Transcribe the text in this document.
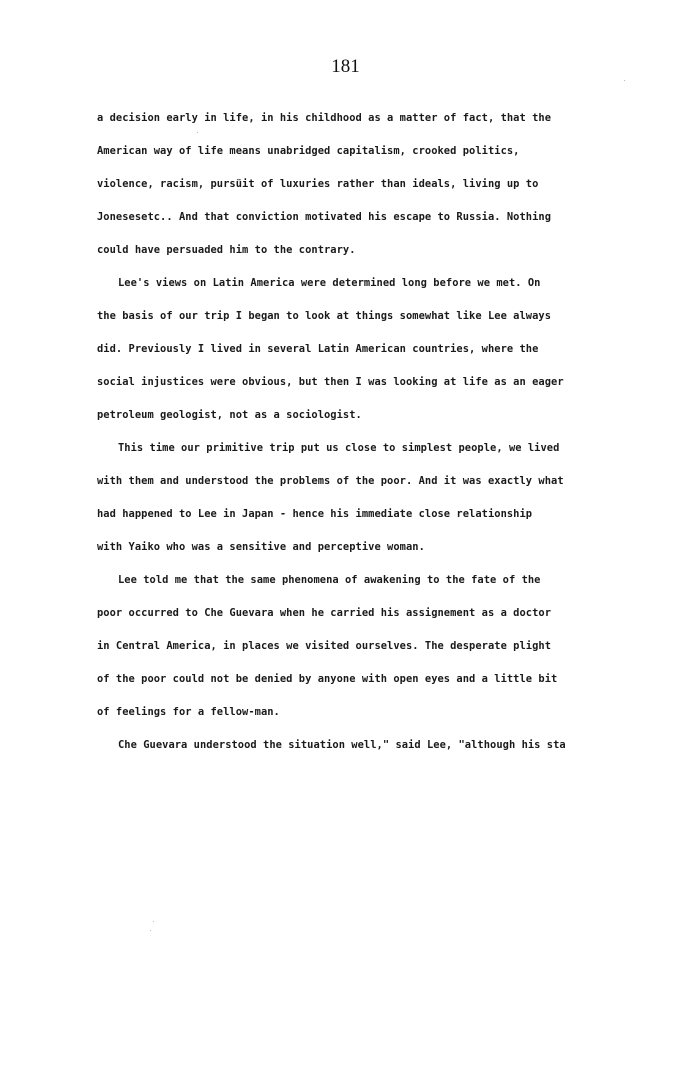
181
a decision early in life, in his childhood as a matter of fact, that the
American way of life means unabridged capitalism, crooked politics,
violence, racism, pursüit of luxuries rather than ideals, living up to
Jonesesetc.. And that conviction motivated his escape to Russia. Nothing
could have persuaded him to the contrary.
Lee's views on Latin America were determined long before we met. On
the basis of our trip I began to look at things somewhat like Lee always
did. Previously I lived in several Latin American countries, where the
social injustices were obvious, but then I was looking at life as an eager
petroleum geologist, not as a sociologist.
This time our primitive trip put us close to simplest people, we lived
with them and understood the problems of the poor. And it was exactly what
had happened to Lee in Japan - hence his immediate close relationship
with Yaiko who was a sensitive and perceptive woman.
Lee told me that the same phenomena of awakening to the fate of the
poor occurred to Che Guevara when he carried his assignement as a doctor
in Central America, in places we visited ourselves. The desperate plight
of the poor could not be denied by anyone with open eyes and a little bit
of feelings for a fellow-man.
Che Guevara understood the situation well," said Lee, "although his sta
